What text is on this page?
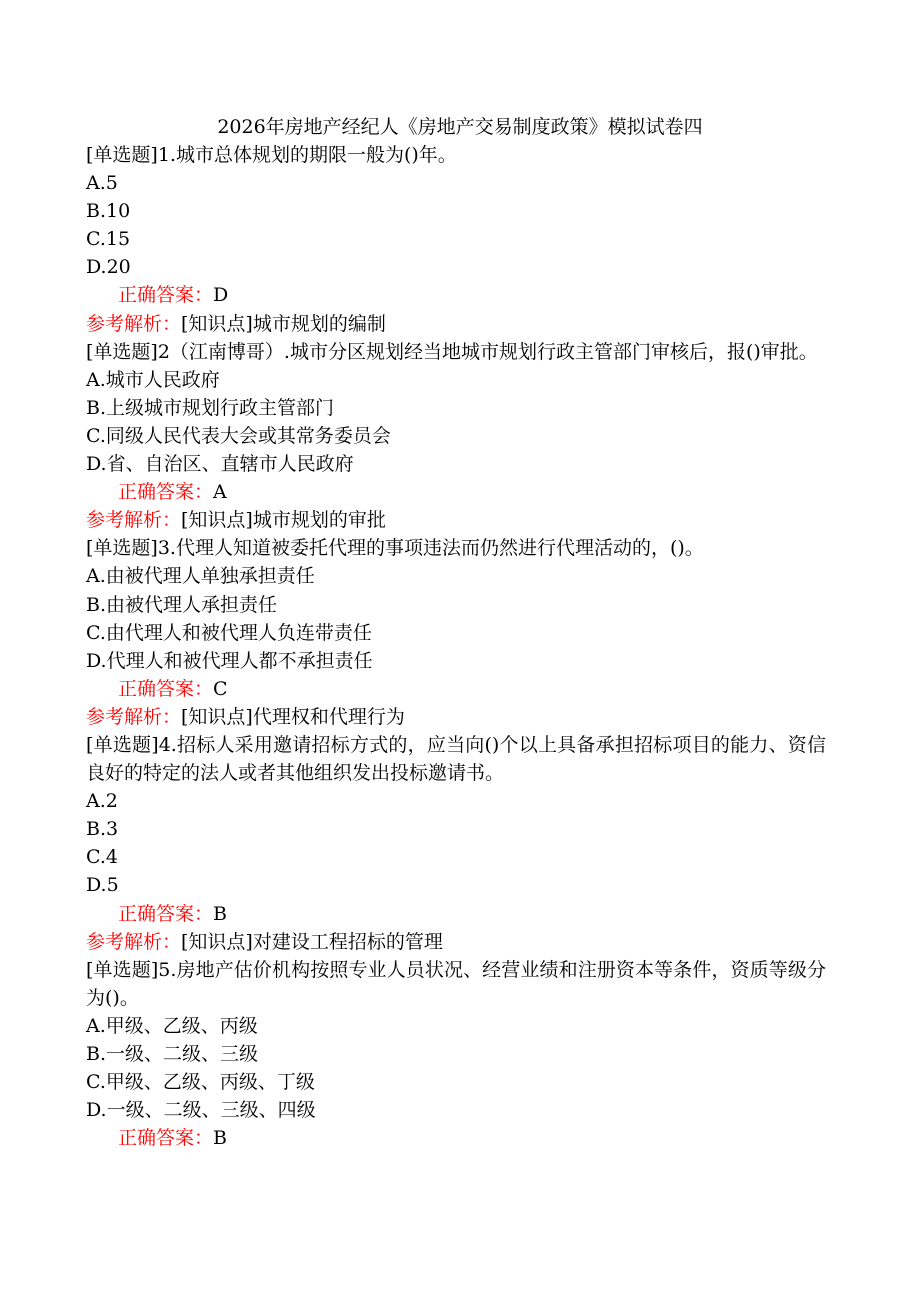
2026年房地产经纪人《房地产交易制度政策》模拟试卷四
[单选题]1.城市总体规划的期限一般为()年。
A.5
B.10
C.15
D.20
正确答案：D
参考解析：[知识点]城市规划的编制
[单选题]2（江南博哥）.城市分区规划经当地城市规划行政主管部门审核后，报()审批。
A.城市人民政府
B.上级城市规划行政主管部门
C.同级人民代表大会或其常务委员会
D.省、自治区、直辖市人民政府
正确答案：A
参考解析：[知识点]城市规划的审批
[单选题]3.代理人知道被委托代理的事项违法而仍然进行代理活动的，()。
A.由被代理人单独承担责任
B.由被代理人承担责任
C.由代理人和被代理人负连带责任
D.代理人和被代理人都不承担责任
正确答案：C
参考解析：[知识点]代理权和代理行为
[单选题]4.招标人采用邀请招标方式的，应当向()个以上具备承担招标项目的能力、资信良好的特定的法人或者其他组织发出投标邀请书。
A.2
B.3
C.4
D.5
正确答案：B
参考解析：[知识点]对建设工程招标的管理
[单选题]5.房地产估价机构按照专业人员状况、经营业绩和注册资本等条件，资质等级分为()。
A.甲级、乙级、丙级
B.一级、二级、三级
C.甲级、乙级、丙级、丁级
D.一级、二级、三级、四级
正确答案：B
